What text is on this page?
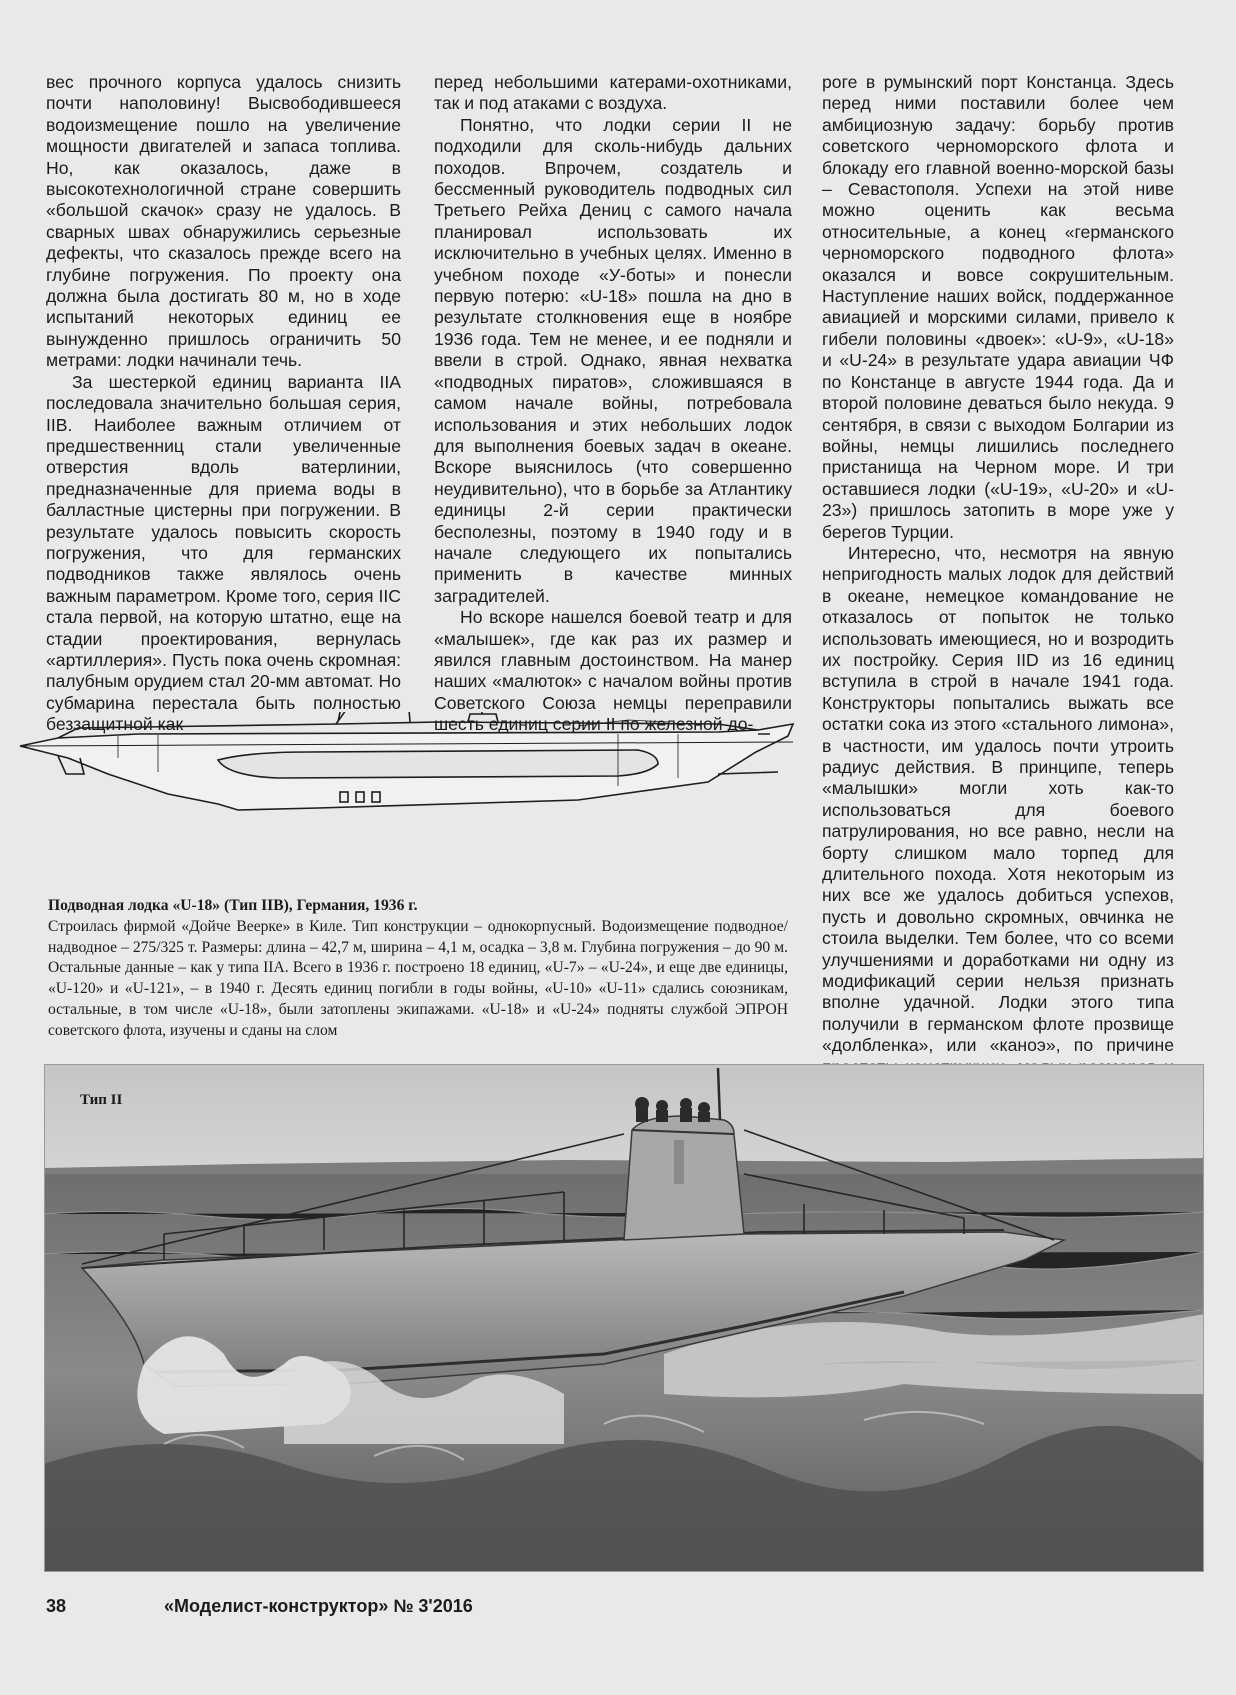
вес прочного корпуса удалось снизить почти наполовину! Высвободившееся водоизмещение пошло на увеличение мощности двигателей и запаса топлива. Но, как оказалось, даже в высокотехнологичной стране совершить «большой скачок» сразу не удалось. В сварных швах обнаружились серьезные дефекты, что сказалось прежде всего на глубине погружения. По проекту она должна была достигать 80 м, но в ходе испытаний некоторых единиц ее вынужденно пришлось ограничить 50 метрами: лодки начинали течь.

За шестеркой единиц варианта IIA последовала значительно большая серия, IIB. Наиболее важным отличием от предшественниц стали увеличенные отверстия вдоль ватерлинии, предназначенные для приема воды в балластные цистерны при погружении. В результате удалось повысить скорость погружения, что для германских подводников также являлось очень важным параметром. Кроме того, серия IIC стала первой, на которую штатно, еще на стадии проектирования, вернулась «артиллерия». Пусть пока очень скромная: палубным орудием стал 20-мм автомат. Но субмарина перестала быть полностью беззащитной как

перед небольшими катерами-охотниками, так и под атаками с воздуха.

Понятно, что лодки серии II не подходили для сколь-нибудь дальних походов. Впрочем, создатель и бессменный руководитель подводных сил Третьего Рейха Дениц с самого начала планировал использовать их исключительно в учебных целях. Именно в учебном походе «У-боты» и понесли первую потерю: «U-18» пошла на дно в результате столкновения еще в ноябре 1936 года. Тем не менее, и ее подняли и ввели в строй. Однако, явная нехватка «подводных пиратов», сложившаяся в самом начале войны, потребовала использования и этих небольших лодок для выполнения боевых задач в океане. Вскоре выяснилось (что совершенно неудивительно), что в борьбе за Атлантику единицы 2-й серии практически бесполезны, поэтому в 1940 году и в начале следующего их попытались применить в качестве минных заградителей.

Но вскоре нашелся боевой театр и для «малышек», где как раз их размер и явился главным достоинством. На манер наших «малюток» с началом войны против Советского Союза немцы переправили шесть единиц серии II по железной до-

роге в румынский порт Констанца. Здесь перед ними поставили более чем амбициозную задачу: борьбу против советского черноморского флота и блокаду его главной военно-морской базы – Севастополя. Успехи на этой ниве можно оценить как весьма относительные, а конец «германского черноморского подводного флота» оказался и вовсе сокрушительным. Наступление наших войск, поддержанное авиацией и морскими силами, привело к гибели половины «двоек»: «U-9», «U-18» и «U-24» в результате удара авиации ЧФ по Констанце в августе 1944 года. Да и второй половине деваться было некуда. 9 сентября, в связи с выходом Болгарии из войны, немцы лишились последнего пристанища на Черном море. И три оставшиеся лодки («U-19», «U-20» и «U-23») пришлось затопить в море уже у берегов Турции.

Интересно, что, несмотря на явную непригодность малых лодок для действий в океане, немецкое командование не отказалось от попыток не только использовать имеющиеся, но и возродить их постройку. Серия IID из 16 единиц вступила в строй в начале 1941 года. Конструкторы попытались выжать все остатки сока из этого «стального лимона», в частности, им удалось почти утроить радиус действия. В принципе, теперь «малышки» могли хоть как-то использоваться для боевого патрулирования, но все равно, несли на борту слишком мало торпед для длительного похода. Хотя некоторым из них все же удалось добиться успехов, пусть и довольно скромных, овчинка не стоила выделки. Тем более, что со всеми улучшениями и доработками ни одну из модификаций серии нельзя признать вполне удачной. Лодки этого типа получили в германском флоте прозвище «долбленка», или «каноэ», по причине

Подводная лодка «U-18» (Тип IIB), Германия, 1936 г.
Строилась фирмой «Дойче Веерке» в Киле. Тип конструкции – однокорпусный. Водоизмещение подводное/надводное – 275/325 т. Размеры: длина – 42,7 м, ширина – 4,1 м, осадка – 3,8 м. Глубина погружения – до 90 м. Остальные данные – как у типа IIA. Всего в 1936 г. построено 18 единиц, «U-7» – «U-24», и еще две единицы, «U-120» и «U-121», – в 1940 г. Десять единиц погибли в годы войны, «U-10» «U-11» сдались союзникам, остальные, в том числе «U-18», были затоплены экипажами. «U-18» и «U-24» подняты службой ЭПРОН советского флота, изучены и сданы на слом
Тип II
38	«Моделист-конструктор» № 3'2016
